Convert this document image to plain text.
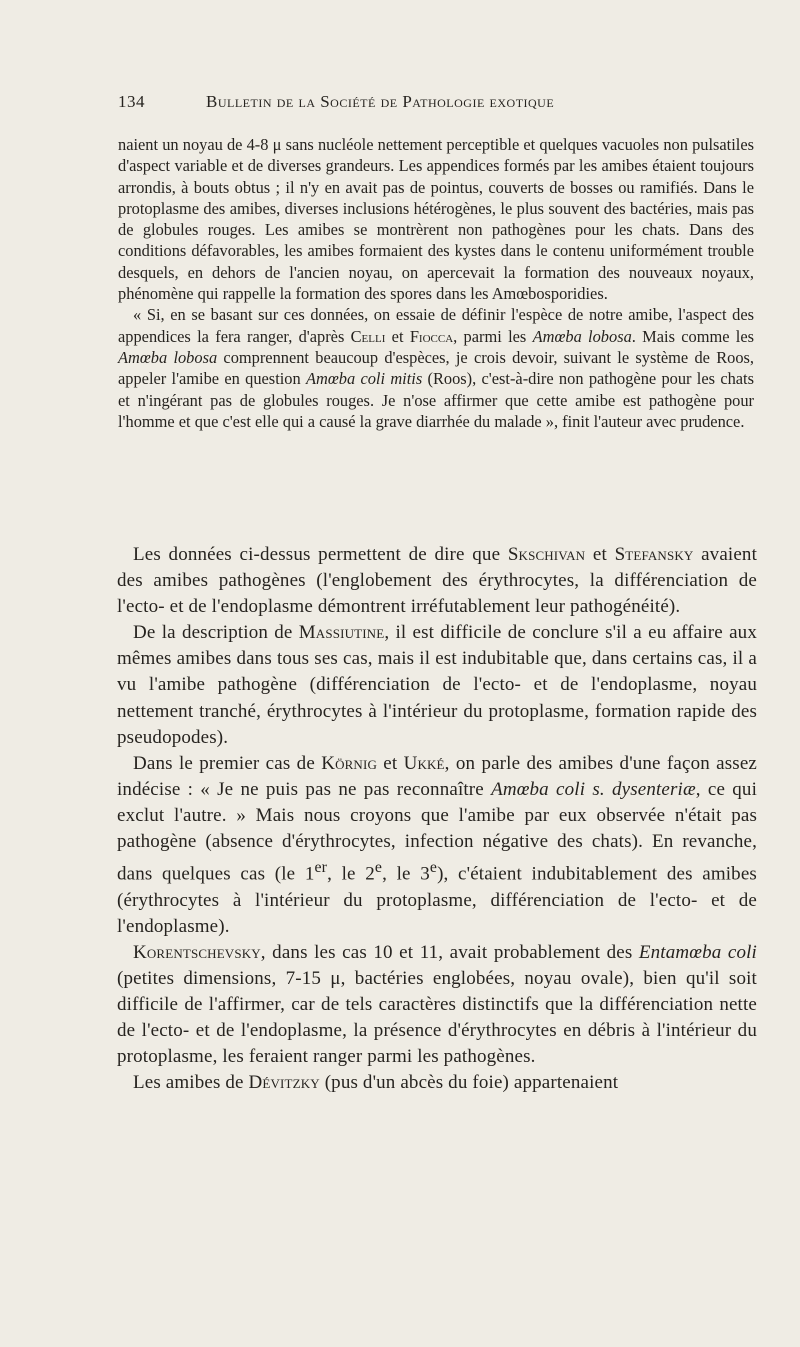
134	Bulletin de la Société de Pathologie exotique

naient un noyau de 4-8 μ sans nucléole nettement perceptible et quelques vacuoles non pulsatiles d'aspect variable et de diverses grandeurs. Les appendices formés par les amibes étaient toujours arrondis, à bouts obtus ; il n'y en avait pas de pointus, couverts de bosses ou ramifiés. Dans le protoplasme des amibes, diverses inclusions hétérogènes, le plus souvent des bactéries, mais pas de globules rouges. Les amibes se montrèrent non pathogènes pour les chats. Dans des conditions défavorables, les amibes formaient des kystes dans le contenu uniformément trouble desquels, en dehors de l'ancien noyau, on apercevait la formation des nouveaux noyaux, phénomène qui rappelle la formation des spores dans les Amœbosporidies.

« Si, en se basant sur ces données, on essaie de définir l'espèce de notre amibe, l'aspect des appendices la fera ranger, d'après Celli et Fiocca, parmi les Amœba lobosa. Mais comme les Amœba lobosa comprennent beaucoup d'espèces, je crois devoir, suivant le système de Roos, appeler l'amibe en question Amœba coli mitis (Roos), c'est-à-dire non pathogène pour les chats et n'ingérant pas de globules rouges. Je n'ose affirmer que cette amibe est pathogène pour l'homme et que c'est elle qui a causé la grave diarrhée du malade », finit l'auteur avec prudence.

Les données ci-dessus permettent de dire que Skschivan et Stefansky avaient des amibes pathogènes (l'englobement des érythrocytes, la différenciation de l'ecto- et de l'endoplasme démontrent irréfutablement leur pathogénéité).

De la description de Massiutine, il est difficile de conclure s'il a eu affaire aux mêmes amibes dans tous ses cas, mais il est indubitable que, dans certains cas, il a vu l'amibe pathogène (différenciation de l'ecto- et de l'endoplasme, noyau nettement tranché, érythrocytes à l'intérieur du protoplasme, formation rapide des pseudopodes).

Dans le premier cas de Körnig et Ukké, on parle des amibes d'une façon assez indécise : « Je ne puis pas ne pas reconnaître Amœba coli s. dysenteriæ, ce qui exclut l'autre. » Mais nous croyons que l'amibe par eux observée n'était pas pathogène (absence d'érythrocytes, infection négative des chats). En revanche, dans quelques cas (le 1er, le 2e, le 3e), c'étaient indubitablement des amibes (érythrocytes à l'intérieur du protoplasme, différenciation de l'ecto- et de l'endoplasme).

Korentschevsky, dans les cas 10 et 11, avait probablement des Entamœba coli (petites dimensions, 7-15 μ, bactéries englobées, noyau ovale), bien qu'il soit difficile de l'affirmer, car de tels caractères distinctifs que la différenciation nette de l'ecto- et de l'endoplasme, la présence d'érythrocytes en débris à l'intérieur du protoplasme, les feraient ranger parmi les pathogènes.

Les amibes de Dévitzky (pus d'un abcès du foie) appartenaient
